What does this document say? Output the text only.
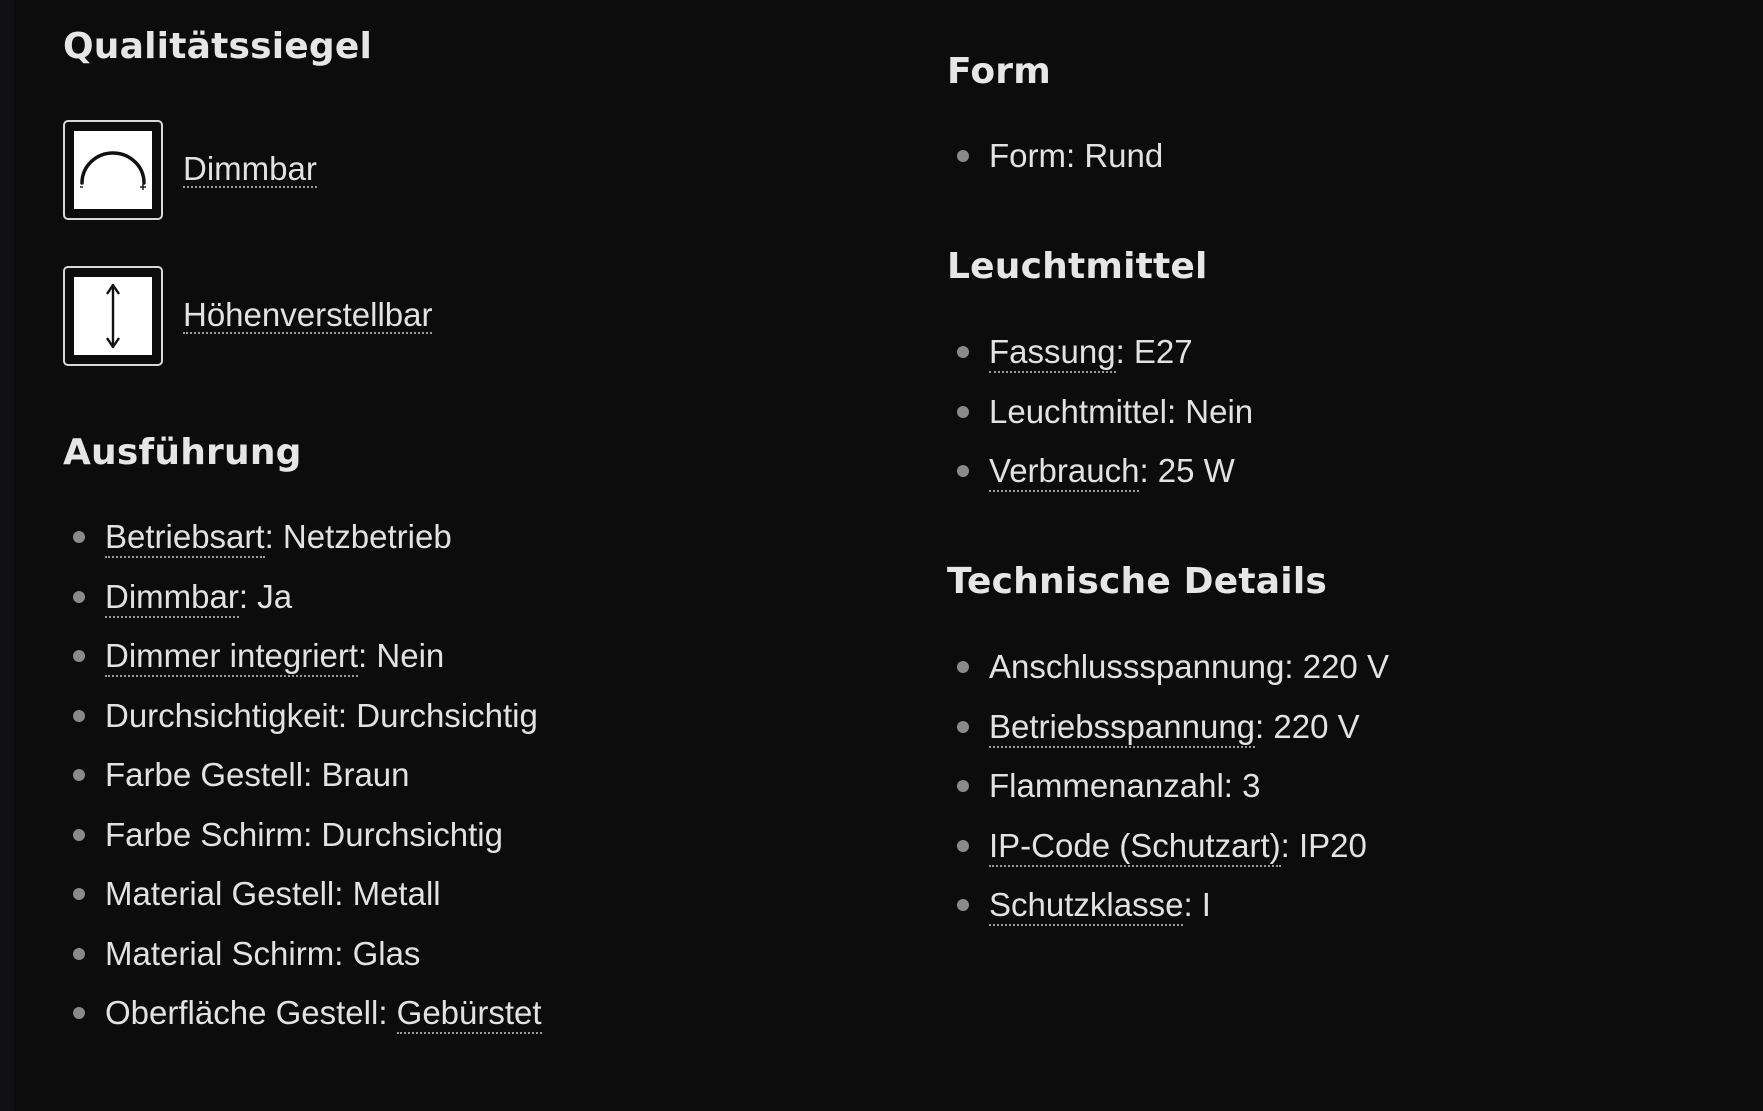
Qualitätssiegel
Dimmbar
Höhenverstellbar
Ausführung
Betriebsart: Netzbetrieb
Dimmbar: Ja
Dimmer integriert: Nein
Durchsichtigkeit: Durchsichtig
Farbe Gestell: Braun
Farbe Schirm: Durchsichtig
Material Gestell: Metall
Material Schirm: Glas
Oberfläche Gestell: Gebürstet
Form
Form: Rund
Leuchtmittel
Fassung: E27
Leuchtmittel: Nein
Verbrauch: 25 W
Technische Details
Anschlussspannung: 220 V
Betriebsspannung: 220 V
Flammenanzahl: 3
IP-Code (Schutzart): IP20
Schutzklasse: I
